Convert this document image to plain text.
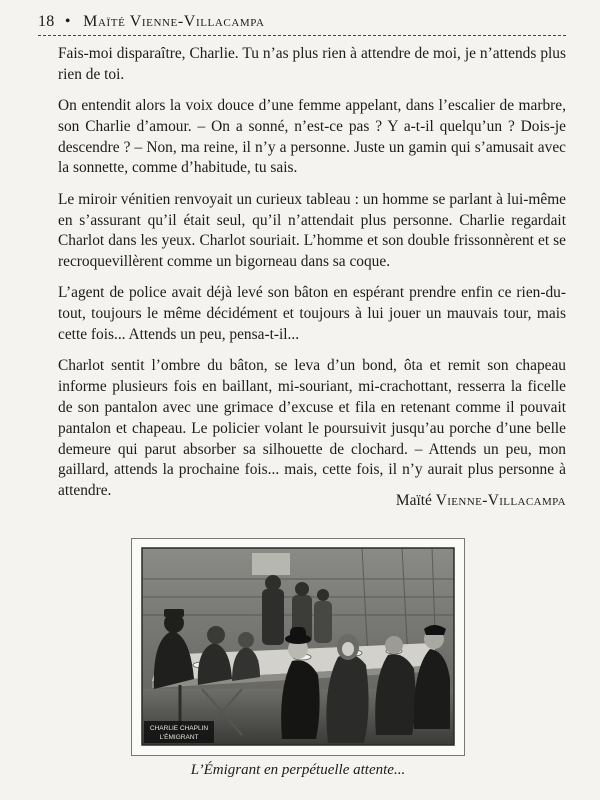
18 • Maïté Vienne-Villacampa

Fais-moi disparaître, Charlie. Tu n’as plus rien à attendre de moi, je n’attends plus rien de toi.

On entendit alors la voix douce d’une femme appelant, dans l’escalier de marbre, son Charlie d’amour. – On a sonné, n’est-ce pas ? Y a-t-il quelqu’un ? Dois-je descendre ? – Non, ma reine, il n’y a personne. Juste un gamin qui s’amusait avec la sonnette, comme d’habitude, tu sais.

Le miroir vénitien renvoyait un curieux tableau : un homme se parlant à lui-même en s’assurant qu’il était seul, qu’il n’attendait plus personne. Charlie regardait Charlot dans les yeux. Charlot souriait. L’homme et son double frissonnèrent et se recroquevillèrent comme un bigorneau dans sa coque.

L’agent de police avait déjà levé son bâton en espérant prendre enfin ce rien-du-tout, toujours le même décidément et toujours à lui jouer un mauvais tour, mais cette fois... Attends un peu, pensa-t-il...

Charlot sentit l’ombre du bâton, se leva d’un bond, ôta et remit son chapeau informe plusieurs fois en baillant, mi-souriant, mi-crachottant, resserra la ficelle de son pantalon avec une grimace d’excuse et fila en retenant comme il pouvait pantalon et chapeau. Le policier volant le poursuivit jusqu’au porche d’une belle demeure qui parut absorber sa silhouette de clochard. – Attends un peu, mon gaillard, attends la prochaine fois... mais, cette fois, il n’y aurait plus personne à attendre.

Maïté Vienne-Villacampa
CHARLIE CHAPLIN
L’ÉMIGRANT
L’Émigrant en perpétuelle attente...
